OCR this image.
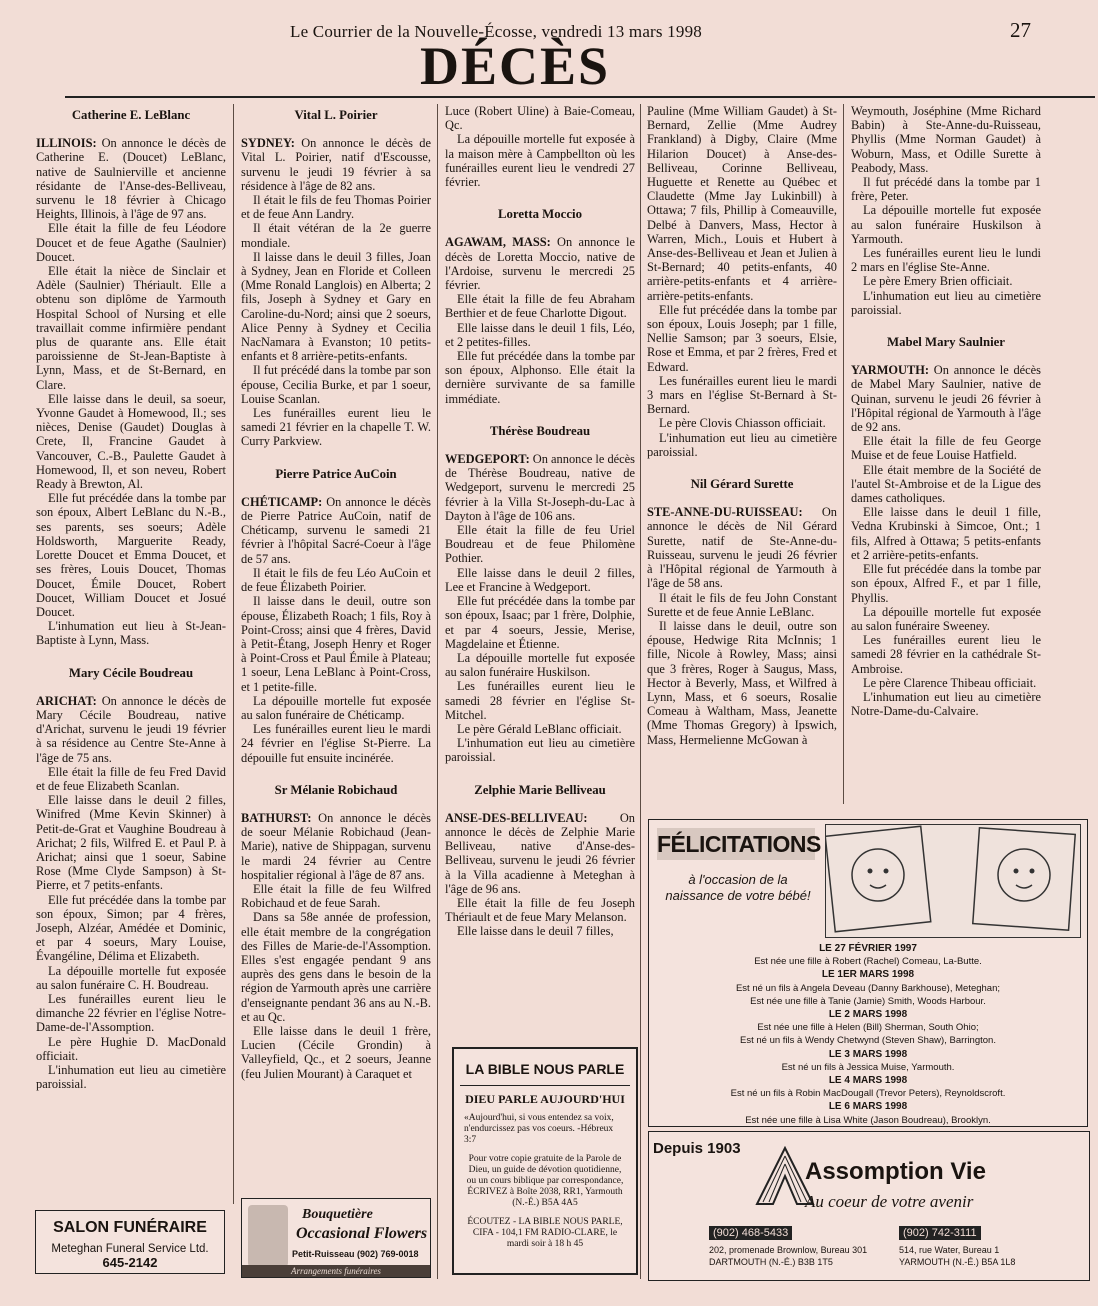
Le Courrier de la Nouvelle-Écosse, vendredi 13 mars 1998	27
DÉCÈS
Catherine E. LeBlanc

ILLINOIS: On annonce le décès de Catherine E. (Doucet) LeBlanc, native de Saulnierville et ancienne résidante de l'Anse-des-Belliveau, survenu le 18 février à Chicago Heights, Illinois, à l'âge de 97 ans.

Elle était la fille de feu Léodore Doucet et de feue Agathe (Saulnier) Doucet.

Elle était la nièce de Sinclair et Adèle (Saulnier) Thériault. Elle a obtenu son diplôme de Yarmouth Hospital School of Nursing et elle travaillait comme infirmière pendant plus de quarante ans. Elle était paroissienne de St-Jean-Baptiste à Lynn, Mass, et de St-Bernard, en Clare.

Elle laisse dans le deuil, sa soeur, Yvonne Gaudet à Homewood, Il.; ses nièces, Denise (Gaudet) Douglas à Crete, Il, Francine Gaudet à Vancouver, C.-B., Paulette Gaudet à Homewood, Il, et son neveu, Robert Ready à Brewton, Al.

Elle fut précédée dans la tombe par son époux, Albert LeBlanc du N.-B., ses parents, ses soeurs; Adèle Holdsworth, Marguerite Ready, Lorette Doucet et Emma Doucet, et ses frères, Louis Doucet, Thomas Doucet, Émile Doucet, Robert Doucet, William Doucet et Josué Doucet.

L'inhumation eut lieu à St-Jean-Baptiste à Lynn, Mass.

Mary Cécile Boudreau

ARICHAT: On annonce le décès de Mary Cécile Boudreau, native d'Arichat, survenu le jeudi 19 février à sa résidence au Centre Ste-Anne à l'âge de 75 ans.

Elle était la fille de feu Fred David et de feue Elizabeth Scanlan.

Elle laisse dans le deuil 2 filles, Winifred (Mme Kevin Skinner) à Petit-de-Grat et Vaughine Boudreau à Arichat; 2 fils, Wilfred E. et Paul P. à Arichat; ainsi que 1 soeur, Sabine Rose (Mme Clyde Sampson) à St-Pierre, et 7 petits-enfants.

Elle fut précédée dans la tombe par son époux, Simon; par 4 frères, Joseph, Alzéar, Amédée et Dominic, et par 4 soeurs, Mary Louise, Évangéline, Délima et Elizabeth.

La dépouille mortelle fut exposée au salon funéraire C. H. Boudreau.

Les funérailles eurent lieu le dimanche 22 février en l'église Notre-Dame-de-l'Assomption.

Le père Hughie D. MacDonald officiait.

L'inhumation eut lieu au cimetière paroissial.

Vital L. Poirier

SYDNEY: On annonce le décès de Vital L. Poirier, natif d'Escousse, survenu le jeudi 19 février à sa résidence à l'âge de 82 ans.

Il était le fils de feu Thomas Poirier et de feue Ann Landry.

Il était vétéran de la 2e guerre mondiale.

Il laisse dans le deuil 3 filles, Joan à Sydney, Jean en Floride et Colleen (Mme Ronald Langlois) en Alberta; 2 fils, Joseph à Sydney et Gary en Caroline-du-Nord; ainsi que 2 soeurs, Alice Penny à Sydney et Cecilia NacNamara à Evanston; 10 petits-enfants et 8 arrière-petits-enfants.

Il fut précédé dans la tombe par son épouse, Cecilia Burke, et par 1 soeur, Louise Scanlan.

Les funérailles eurent lieu le samedi 21 février en la chapelle T. W. Curry Parkview.

Pierre Patrice AuCoin

CHÉTICAMP: On annonce le décès de Pierre Patrice AuCoin, natif de Chéticamp, survenu le samedi 21 février à l'hôpital Sacré-Coeur à l'âge de 57 ans.

Il était le fils de feu Léo AuCoin et de feue Élizabeth Poirier.

Il laisse dans le deuil, outre son épouse, Élizabeth Roach; 1 fils, Roy à Point-Cross; ainsi que 4 frères, David à Petit-Étang, Joseph Henry et Roger à Point-Cross et Paul Émile à Plateau; 1 soeur, Lena LeBlanc à Point-Cross, et 1 petite-fille.

La dépouille mortelle fut exposée au salon funéraire de Chéticamp.

Les funérailles eurent lieu le mardi 24 février en l'église St-Pierre. La dépouille fut ensuite incinérée.

Sr Mélanie Robichaud

BATHURST: On annonce le décès de soeur Mélanie Robichaud (Jean-Marie), native de Shippagan, survenu le mardi 24 février au Centre hospitalier régional à l'âge de 87 ans.

Elle était la fille de feu Wilfred Robichaud et de feue Sarah.

Dans sa 58e année de profession, elle était membre de la congrégation des Filles de Marie-de-l'Assomption. Elles s'est engagée pendant 9 ans auprès des gens dans le besoin de la région de Yarmouth après une carrière d'enseignante pendant 36 ans au N.-B. et au Qc.

Elle laisse dans le deuil 1 frère, Lucien (Cécile Grondin) à Valleyfield, Qc., et 2 soeurs, Jeanne (feu Julien Mourant) à Caraquet et

Luce (Robert Uline) à Baie-Comeau, Qc.

La dépouille mortelle fut exposée à la maison mère à Campbellton où les funérailles eurent lieu le vendredi 27 février.

Loretta Moccio

AGAWAM, MASS: On annonce le décès de Loretta Moccio, native de l'Ardoise, survenu le mercredi 25 février.

Elle était la fille de feu Abraham Berthier et de feue Charlotte Digout.

Elle laisse dans le deuil 1 fils, Léo, et 2 petites-filles.

Elle fut précédée dans la tombe par son époux, Alphonso. Elle était la dernière survivante de sa famille immédiate.

Thérèse Boudreau

WEDGEPORT: On annonce le décès de Thérèse Boudreau, native de Wedgeport, survenu le mercredi 25 février à la Villa St-Joseph-du-Lac à Dayton à l'âge de 106 ans.

Elle était la fille de feu Uriel Boudreau et de feue Philomène Pothier.

Elle laisse dans le deuil 2 filles, Lee et Francine à Wedgeport.

Elle fut précédée dans la tombe par son époux, Isaac; par 1 frère, Dolphie, et par 4 soeurs, Jessie, Merise, Magdelaine et Étienne.

La dépouille mortelle fut exposée au salon funéraire Huskilson.

Les funérailles eurent lieu le samedi 28 février en l'église St-Mitchel.

Le père Gérald LeBlanc officiait.

L'inhumation eut lieu au cimetière paroissial.

Zelphie Marie Belliveau

ANSE-DES-BELLIVEAU: On annonce le décès de Zelphie Marie Belliveau, native d'Anse-des-Belliveau, survenu le jeudi 26 février à la Villa acadienne à Meteghan à l'âge de 96 ans.

Elle était la fille de feu Joseph Thériault et de feue Mary Melanson.

Elle laisse dans le deuil 7 filles,

Pauline (Mme William Gaudet) à St-Bernard, Zellie (Mme Audrey Frankland) à Digby, Claire (Mme Hilarion Doucet) à Anse-des-Belliveau, Corinne Belliveau, Huguette et Renette au Québec et Claudette (Mme Jay Lukinbill) à Ottawa; 7 fils, Phillip à Comeauville, Delbé à Danvers, Mass, Hector à Warren, Mich., Louis et Hubert à Anse-des-Belliveau et Jean et Julien à St-Bernard; 40 petits-enfants, 40 arrière-petits-enfants et 4 arrière-arrière-petits-enfants.

Elle fut précédée dans la tombe par son époux, Louis Joseph; par 1 fille, Nellie Samson; par 3 soeurs, Elsie, Rose et Emma, et par 2 frères, Fred et Edward.

Les funérailles eurent lieu le mardi 3 mars en l'église St-Bernard à St-Bernard.

Le père Clovis Chiasson officiait.

L'inhumation eut lieu au cimetière paroissial.

Nil Gérard Surette

STE-ANNE-DU-RUISSEAU: On annonce le décès de Nil Gérard Surette, natif de Ste-Anne-du-Ruisseau, survenu le jeudi 26 février à l'Hôpital régional de Yarmouth à l'âge de 58 ans.

Il était le fils de feu John Constant Surette et de feue Annie LeBlanc.

Il laisse dans le deuil, outre son épouse, Hedwige Rita McInnis; 1 fille, Nicole à Rowley, Mass; ainsi que 3 frères, Roger à Saugus, Mass, Hector à Beverly, Mass, et Wilfred à Lynn, Mass, et 6 soeurs, Rosalie Comeau à Waltham, Mass, Jeanette (Mme Thomas Gregory) à Ipswich, Mass, Hermelienne McGowan à

Weymouth, Joséphine (Mme Richard Babin) à Ste-Anne-du-Ruisseau, Phyllis (Mme Norman Gaudet) à Woburn, Mass, et Odille Surette à Peabody, Mass.

Il fut précédé dans la tombe par 1 frère, Peter.

La dépouille mortelle fut exposée au salon funéraire Huskilson à Yarmouth.

Les funérailles eurent lieu le lundi 2 mars en l'église Ste-Anne.

Le père Emery Brien officiait.

L'inhumation eut lieu au cimetière paroissial.

Mabel Mary Saulnier

YARMOUTH: On annonce le décès de Mabel Mary Saulnier, native de Quinan, survenu le jeudi 26 février à l'Hôpital régional de Yarmouth à l'âge de 92 ans.

Elle était la fille de feu George Muise et de feue Louise Hatfield.

Elle était membre de la Société de l'autel St-Ambroise et de la Ligue des dames catholiques.

Elle laisse dans le deuil 1 fille, Vedna Krubinski à Simcoe, Ont.; 1 fils, Alfred à Ottawa; 5 petits-enfants et 2 arrière-petits-enfants.

Elle fut précédée dans la tombe par son époux, Alfred F., et par 1 fille, Phyllis.

La dépouille mortelle fut exposée au salon funéraire Sweeney.

Les funérailles eurent lieu le samedi 28 février en la cathédrale St-Ambroise.

Le père Clarence Thibeau officiait.

L'inhumation eut lieu au cimetière Notre-Dame-du-Calvaire.

SALON FUNÉRAIRE
Meteghan Funeral Service Ltd.
645-2142
Bouquetière
Occasional Flowers
Petit-Ruisseau (902) 769-0018
Arrangements funéraires
LA BIBLE NOUS PARLE
DIEU PARLE AUJOURD'HUI
«Aujourd'hui, si vous entendez sa voix, n'endurcissez pas vos coeurs. -Hébreux 3:7
Pour votre copie gratuite de la Parole de Dieu, un guide de dévotion quotidienne, ou un cours biblique par correspondance, ÉCRIVEZ à Boîte 2038, RR1, Yarmouth (N.-É.) B5A 4A5
ÉCOUTEZ - LA BIBLE NOUS PARLE, CIFA - 104,1 FM RADIO-CLARE, le mardi soir à 18 h 45
FÉLICITATIONS
à l'occasion de la naissance de votre bébé!
LE 27 FÉVRIER 1997
Est née une fille à Robert (Rachel) Comeau, La-Butte.
LE 1ER MARS 1998
Est né un fils à Angela Deveau (Danny Barkhouse), Meteghan;
Est née une fille à Tanie (Jamie) Smith, Woods Harbour.
LE 2 MARS 1998
Est née une fille à Helen (Bill) Sherman, South Ohio;
Est né un fils à Wendy Chetwynd (Steven Shaw), Barrington.
LE 3 MARS 1998
Est né un fils à Jessica Muise, Yarmouth.
LE 4 MARS 1998
Est né un fils à Robin MacDougall (Trevor Peters), Reynoldscroft.
LE 6 MARS 1998
Est née une fille à Lisa White (Jason Boudreau), Brooklyn.
Depuis 1903
Assomption Vie
Au coeur de votre avenir
(902) 468-5433
202, promenade Brownlow, Bureau 301
DARTMOUTH (N.-É.) B3B 1T5
(902) 742-3111
514, rue Water, Bureau 1
YARMOUTH (N.-É.) B5A 1L8
